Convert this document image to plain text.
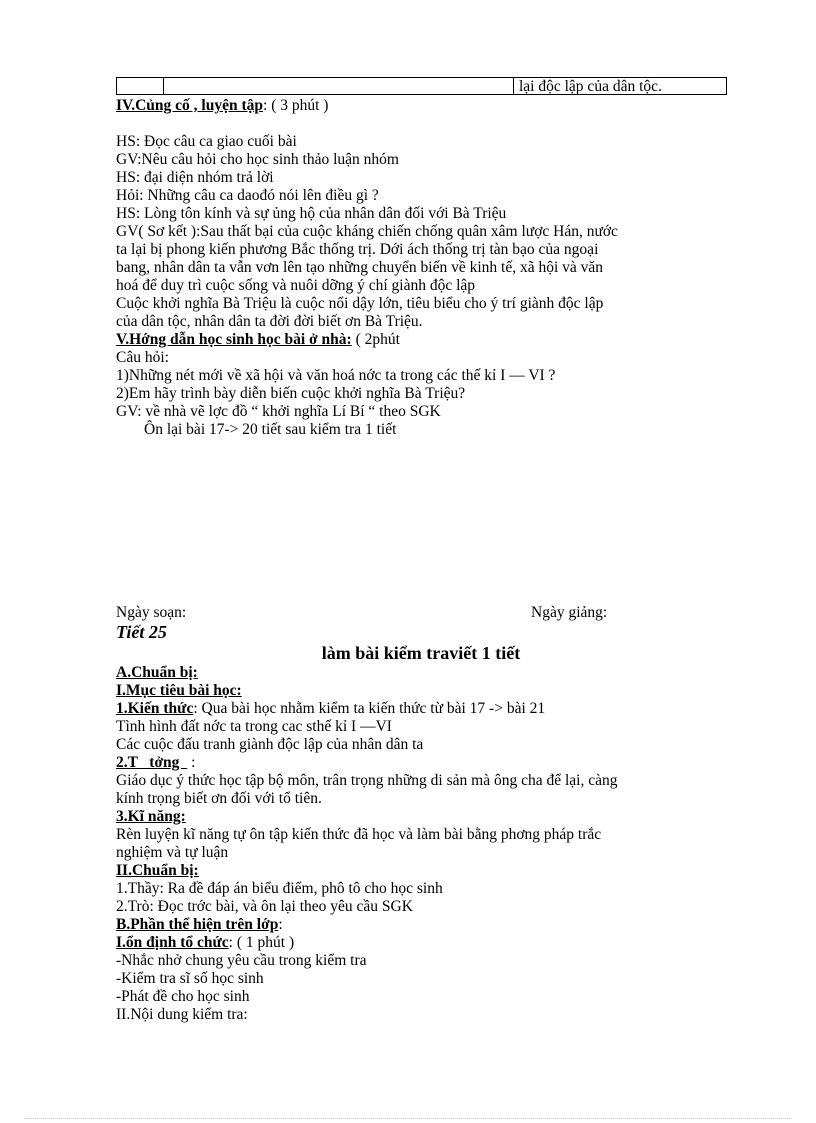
lại độc lập của dân tộc.
IV.Củng cố , luyện tập: ( 3 phút )
HS: Đọc câu ca giao cuối bài
GV:Nêu câu hỏi cho học sinh thảo luận nhóm
HS: đại diện nhóm trả lời
Hỏi: Những câu ca daođó nói lên điều gì ?
HS: Lòng tôn kính và sự ủng hộ của nhân dân đối với Bà Triệu
GV( Sơ kết ):Sau thất bại của cuộc kháng chiến chống quân xâm lược Hán, nước
ta lại bị phong kiến phương Bắc thống trị. Dới ách thống trị tàn bạo của ngoại
bang, nhân dân ta vẫn vơn lên tạo những chuyển biến về kinh tế, xã hội và văn
hoá để duy trì cuộc sống và nuôi dỡng ý chí giành độc lập
Cuộc khởi nghĩa Bà Triệu là cuộc nổi dậy lớn, tiêu biểu cho ý trí giành độc lập
của dân tộc, nhân dân ta đời đời biết ơn Bà Triệu.
V.Hớng dẫn học sinh học bài ở nhà: ( 2phút
Câu hỏi:
1)Những nét mới về xã hội và văn hoá nớc ta trong các thế kỉ I — VI ?
2)Em hãy trình bày diễn biến cuộc khởi nghĩa Bà Triệu?
GV: về nhà vẽ lợc đồ “ khởi nghĩa Lí Bí “ theo SGK
Ôn lại bài 17-> 20 tiết sau kiểm tra 1 tiết
Ngày soạn:	Ngày giảng:
Tiết 25
làm bài kiểm traviết 1 tiết
A.Chuẩn bị:
I.Mục tiêu bài học:
1.Kiến thức: Qua bài học nhằm kiểm ta kiến thức từ bài 17 -> bài 21
Tình hình đất nớc ta trong cac sthế kỉ I —VI
Các cuộc đấu tranh giành độc lập của nhân dân ta
2.T   tởng   :
Giáo dục ý thức học tập bộ môn, trân trọng những di sản mà ông cha để lại, càng
kính trọng biết ơn đối với tổ tiên.
3.Kĩ năng:
Rèn luyện kĩ năng tự ôn tập kiến thức đã học và làm bài bằng phơng pháp trắc
nghiệm và tự luận
II.Chuẩn bị:
1.Thầy: Ra đề đáp án biểu điểm, phô tô cho học sinh
2.Trò: Đọc trớc bài, và ôn lại theo yêu cầu SGK
B.Phần thể hiện trên lớp:
I.ổn định tổ chức: ( 1 phút )
-Nhắc nhở chung yêu cầu trong kiểm tra
-Kiểm tra sĩ số học sinh
-Phát đề cho học sinh
II.Nội dung kiểm tra:
